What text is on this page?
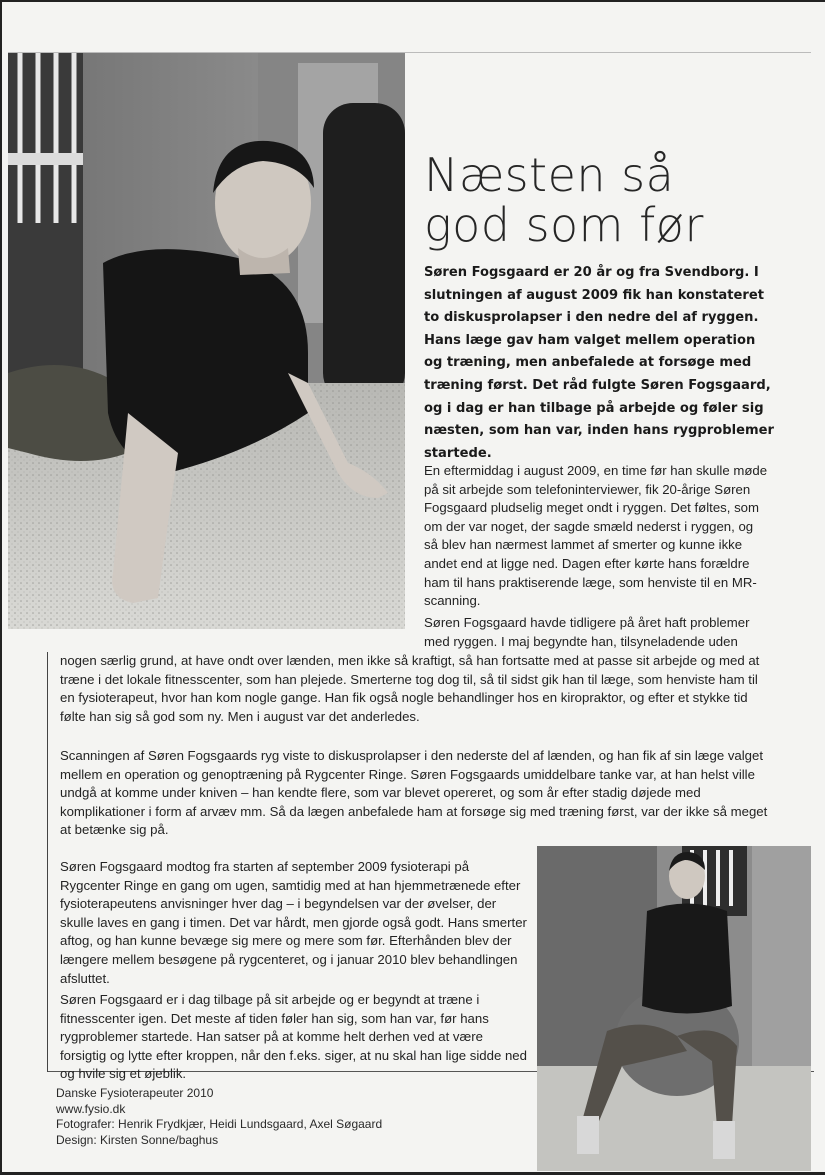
Næsten så
god som før

Søren Fogsgaard er 20 år og fra Svendborg. I slutningen af august 2009 fik han konstateret to diskusprolapser i den nedre del af ryggen. Hans læge gav ham valget mellem operation og træning, men anbefalede at forsøge med træning først. Det råd fulgte Søren Fogsgaard, og i dag er han tilbage på arbejde og føler sig næsten, som han var, inden hans rygproblemer startede.

En eftermiddag i august 2009, en time før han skulle møde på sit arbejde som telefoninterviewer, fik 20-årige Søren Fogsgaard pludselig meget ondt i ryggen. Det føltes, som om der var noget, der sagde smæld nederst i ryggen, og så blev han nærmest lammet af smerter og kunne ikke andet end at ligge ned. Dagen efter kørte hans forældre ham til hans praktiserende læge, som henviste til en MR-scanning.

Søren Fogsgaard havde tidligere på året haft problemer med ryggen. I maj begyndte han, tilsyneladende uden

nogen særlig grund, at have ondt over lænden, men ikke så kraftigt, så han fortsatte med at passe sit arbejde og med at træne i det lokale fitnesscenter, som han plejede. Smerterne tog dog til, så til sidst gik han til læge, som henviste ham til en fysioterapeut, hvor han kom nogle gange. Han fik også nogle behandlinger hos en kiropraktor, og efter et stykke tid følte han sig så god som ny. Men i august var det anderledes.

Scanningen af Søren Fogsgaards ryg viste to diskusprolapser i den nederste del af lænden, og han fik af sin læge valget mellem en operation og genoptræning på Rygcenter Ringe. Søren Fogsgaards umiddelbare tanke var, at han helst ville undgå at komme under kniven – han kendte flere, som var blevet opereret, og som år efter stadig døjede med komplikationer i form af arvæv mm. Så da lægen anbefalede ham at forsøge sig med træning først, var der ikke så meget at betænke sig på.

Søren Fogsgaard modtog fra starten af september 2009 fysioterapi på Rygcenter Ringe en gang om ugen, samtidig med at han hjemmetrænede efter fysioterapeutens anvisninger hver dag – i begyndelsen var der øvelser, der skulle laves en gang i timen. Det var hårdt, men gjorde også godt. Hans smerter aftog, og han kunne bevæge sig mere og mere som før. Efterhånden blev der længere mellem besøgene på rygcenteret, og i januar 2010 blev behandlingen afsluttet.

Søren Fogsgaard er i dag tilbage på sit arbejde og er begyndt at træne i fitnesscenter igen. Det meste af tiden føler han sig, som han var, før hans rygproblemer startede. Han satser på at komme helt derhen ved at være forsigtig og lytte efter kroppen, når den f.eks. siger, at nu skal han lige sidde ned og hvile sig et øjeblik.

Danske Fysioterapeuter 2010
www.fysio.dk
Fotografer: Henrik Frydkjær, Heidi Lundsgaard, Axel Søgaard
Design: Kirsten Sonne/baghus
